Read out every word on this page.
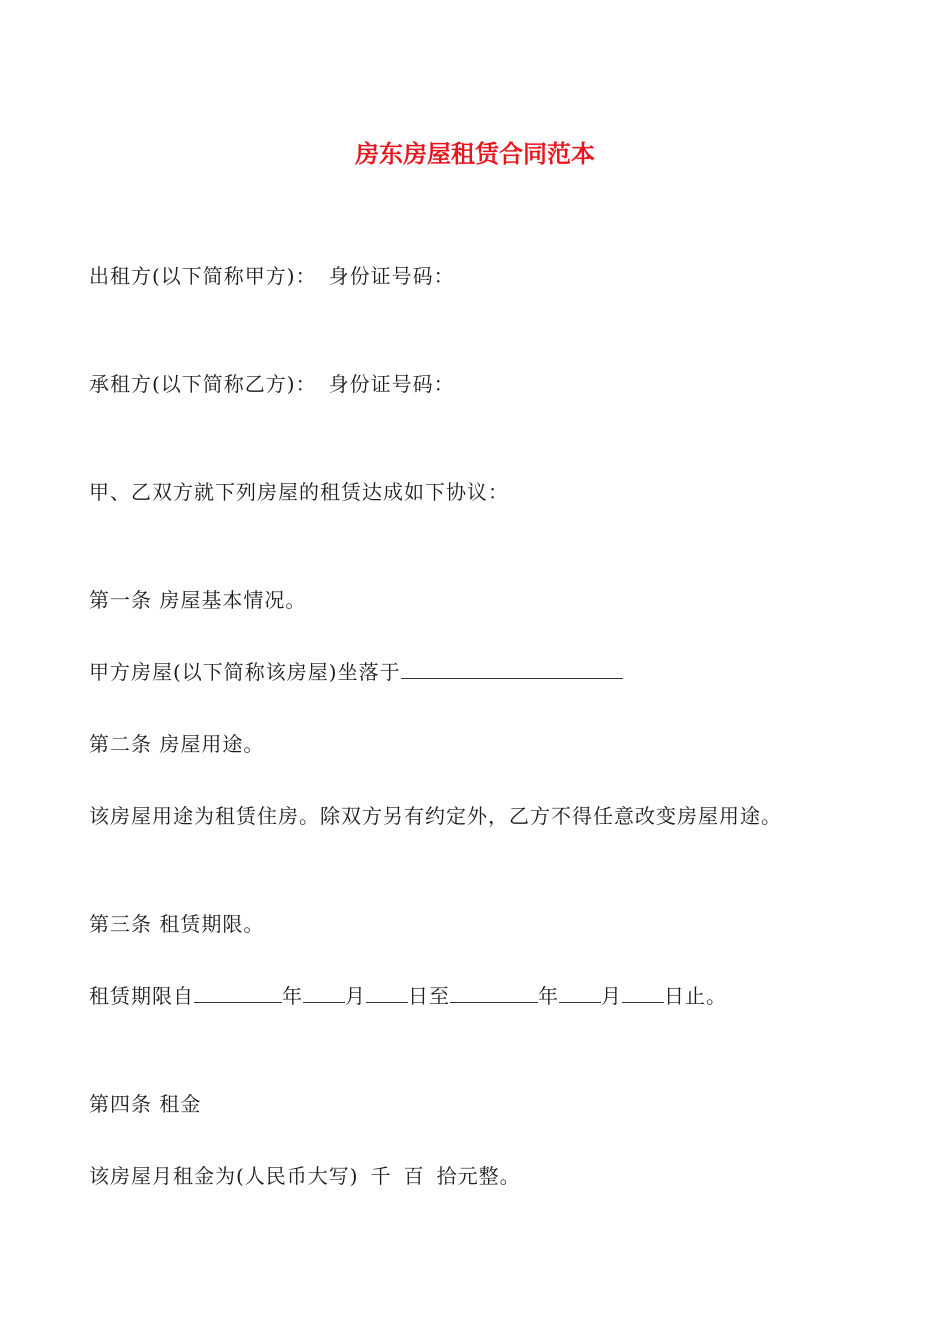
房东房屋租赁合同范本
出租方(以下简称甲方)： 身份证号码：
承租方(以下简称乙方)： 身份证号码：
甲、乙双方就下列房屋的租赁达成如下协议：
第一条 房屋基本情况。
甲方房屋(以下简称该房屋)坐落于
第二条 房屋用途。
该房屋用途为租赁住房。除双方另有约定外，乙方不得任意改变房屋用途。
第三条 租赁期限。
租赁期限自	年 月 日至	年 月 日止。
第四条 租金
该房屋月租金为(人民币大写) 千 百 拾元整。
